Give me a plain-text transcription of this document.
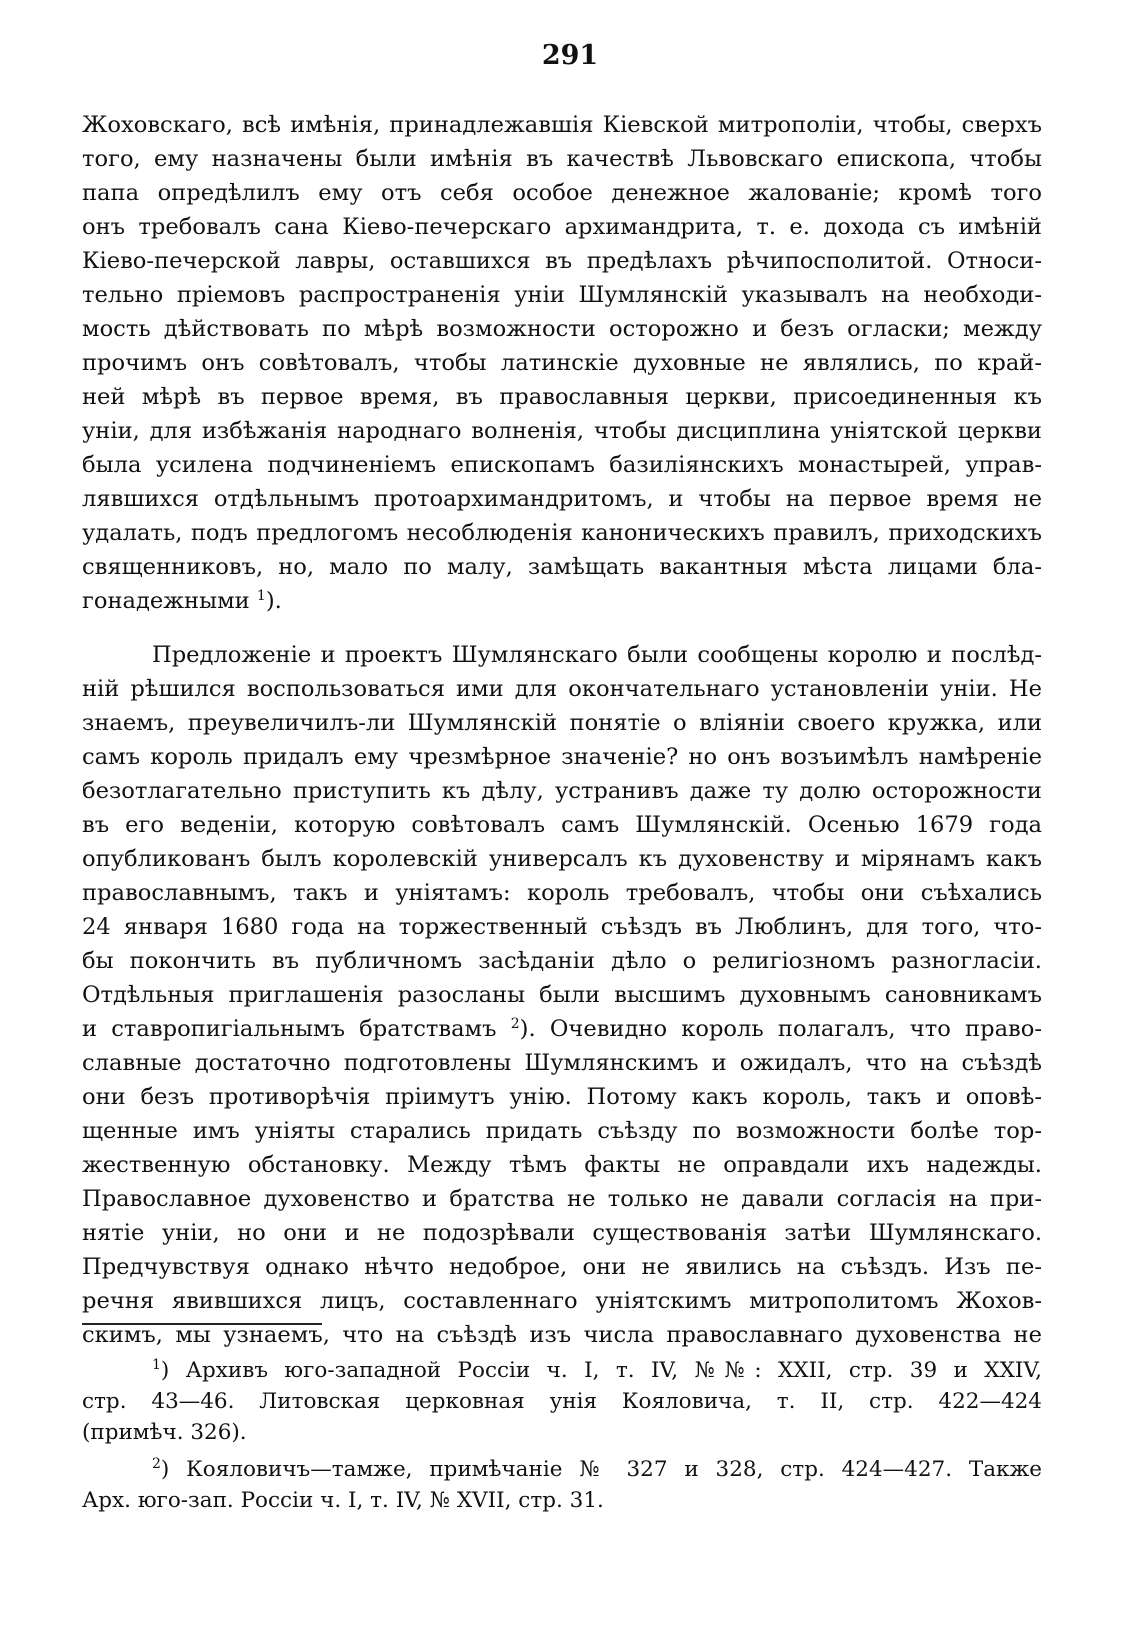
291
Жоховскаго, всѣ имѣнія, принадлежавшія Кіевской митрополіи, чтобы, сверхъ
того, ему назначены были имѣнія въ качествѣ Львовскаго епископа, чтобы
папа опредѣлилъ ему отъ себя особое денежное жалованіе; кромѣ того
онъ требовалъ сана Кіево-печерскаго архимандрита, т. е. дохода съ имѣній
Кіево-печерской лавры, оставшихся въ предѣлахъ рѣчипосполитой. Относи-
тельно пріемовъ распространенія уніи Шумлянскій указывалъ на необходи-
мость дѣйствовать по мѣрѣ возможности осторожно и безъ огласки; между
прочимъ онъ совѣтовалъ, чтобы латинскіе духовные не являлись, по край-
ней мѣрѣ въ первое время, въ православныя церкви, присоединенныя къ
уніи, для избѣжанія народнаго волненія, чтобы дисциплина уніятской церкви
была усилена подчиненіемъ епископамъ базиліянскихъ монастырей, управ-
лявшихся отдѣльнымъ протоархимандритомъ, и чтобы на первое время не
удалать, подъ предлогомъ несоблюденія каноническихъ правилъ, приходскихъ
священниковъ, но, мало по малу, замѣщать вакантныя мѣста лицами бла-
гонадежными $^1$).
Предложеніе и проектъ Шумлянскаго были сообщены королю и послѣд-
ній рѣшился воспользоваться ими для окончательнаго установленіи уніи. Не
знаемъ, преувеличилъ-ли Шумлянскій понятіе о вліяніи своего кружка, или
самъ король придалъ ему чрезмѣрное значеніе? но онъ возъимѣлъ намѣреніе
безотлагательно приступить къ дѣлу, устранивъ даже ту долю осторожности
въ его веденіи, которую совѣтовалъ самъ Шумлянскій. Осенью 1679 года
опубликованъ былъ королевскій универсалъ къ духовенству и мірянамъ какъ
православнымъ, такъ и уніятамъ: король требовалъ, чтобы они съѣхались
24 января 1680 года на торжественный съѣздъ въ Люблинъ, для того, что-
бы покончить въ публичномъ засѣданіи дѣло о религіозномъ разногласіи.
Отдѣльныя приглашенія разосланы были высшимъ духовнымъ сановникамъ
и ставропигіальнымъ братствамъ $^2$). Очевидно король полагалъ, что право-
славные достаточно подготовлены Шумлянскимъ и ожидалъ, что на съѣздѣ
они безъ противорѣчія пріимутъ унію. Потому какъ король, такъ и оповѣ-
щенные имъ уніяты старались придать съѣзду по возможности болѣе тор-
жественную обстановку. Между тѣмъ факты не оправдали ихъ надежды.
Православное духовенство и братства не только не давали согласія на при-
нятіе уніи, но они и не подозрѣвали существованія затѣи Шумлянскаго.
Предчувствуя однако нѣчто недоброе, они не явились на съѣздъ. Изъ пе-
речня явившихся лицъ, составленнаго уніятскимъ митрополитомъ Жохов-
скимъ, мы узнаемъ, что на съѣздѣ изъ числа православнаго духовенства не
$^1$) Архивъ юго-западной Россіи ч. I, т. IV, №№: XXII, стр. 39 и XXIV,
стр. 43—46. Литовская церковная унія Кояловича, т. II, стр. 422—424
(примѣч. 326).
$^2$) Кояловичъ—тамже, примѣчаніе № 327 и 328, стр. 424—427. Также
Арх. юго-зап. Россіи ч. I, т. IV, № XVII, стр. 31.
